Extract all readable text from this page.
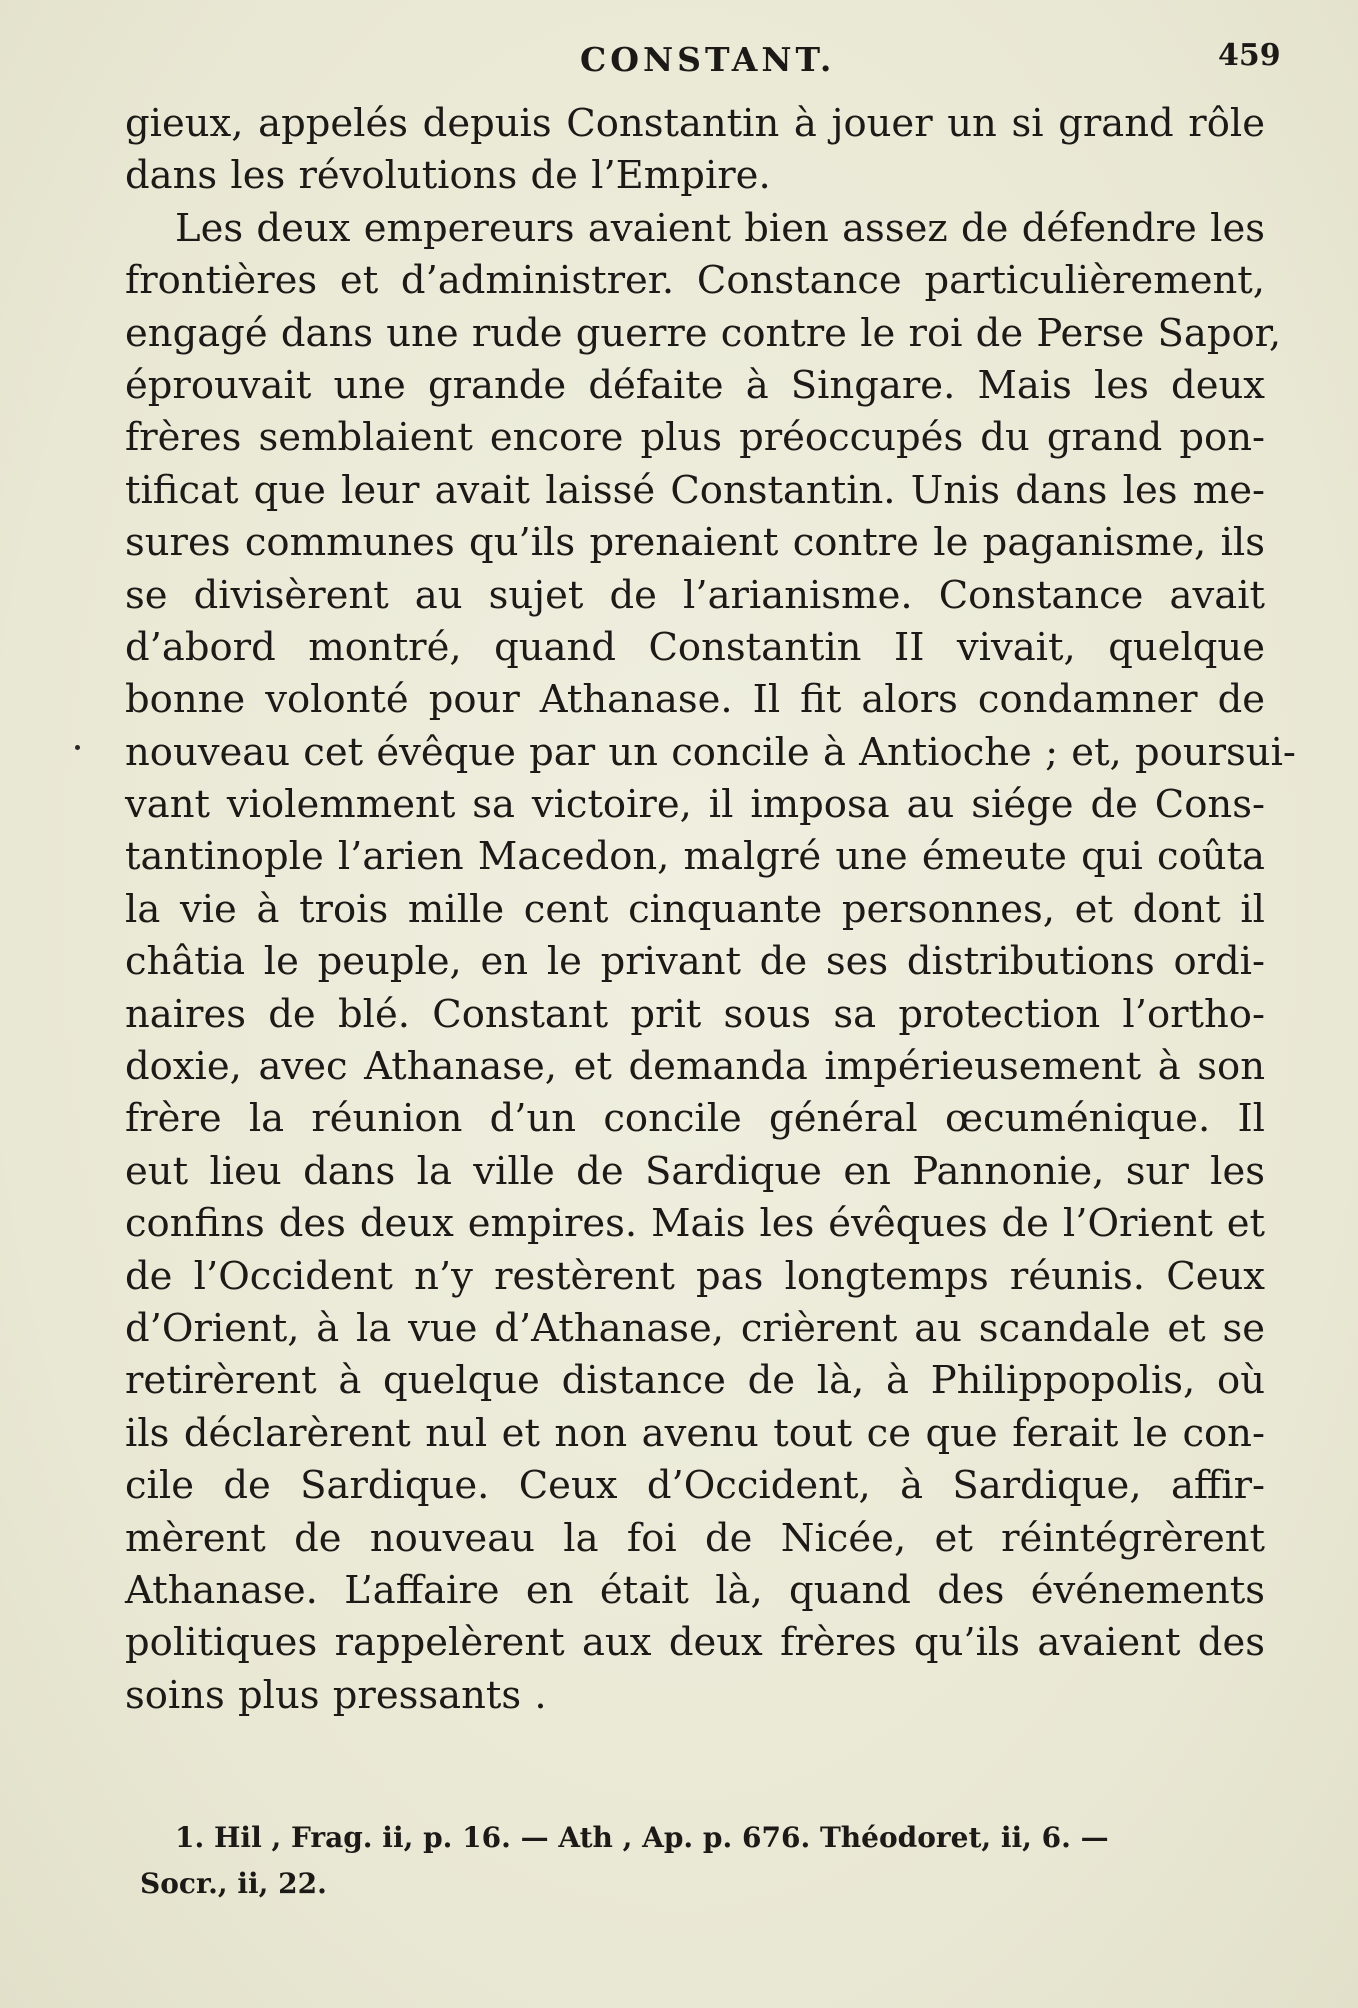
CONSTANT.	459
gieux, appelés depuis Constantin à jouer un si grand rôle
dans les révolutions de l’Empire.
Les deux empereurs avaient bien assez de défendre les
frontières et d’administrer. Constance particulièrement,
engagé dans une rude guerre contre le roi de Perse Sapor,
éprouvait une grande défaite à Singare. Mais les deux
frères semblaient encore plus préoccupés du grand pon-
tificat que leur avait laissé Constantin. Unis dans les me-
sures communes qu’ils prenaient contre le paganisme, ils
se divisèrent au sujet de l’arianisme. Constance avait
d’abord montré, quand Constantin II vivait, quelque
bonne volonté pour Athanase. Il fit alors condamner de
nouveau cet évêque par un concile à Antioche ; et, poursui-
vant violemment sa victoire, il imposa au siége de Cons-
tantinople l’arien Macedon, malgré une émeute qui coûta
la vie à trois mille cent cinquante personnes, et dont il
châtia le peuple, en le privant de ses distributions ordi-
naires de blé. Constant prit sous sa protection l’ortho-
doxie, avec Athanase, et demanda impérieusement à son
frère la réunion d’un concile général œcuménique. Il
eut lieu dans la ville de Sardique en Pannonie, sur les
confins des deux empires. Mais les évêques de l’Orient et
de l’Occident n’y restèrent pas longtemps réunis. Ceux
d’Orient, à la vue d’Athanase, crièrent au scandale et se
retirèrent à quelque distance de là, à Philippopolis, où
ils déclarèrent nul et non avenu tout ce que ferait le con-
cile de Sardique. Ceux d’Occident, à Sardique, affir-
mèrent de nouveau la foi de Nicée, et réintégrèrent
Athanase. L’affaire en était là, quand des événements
politiques rappelèrent aux deux frères qu’ils avaient des
soins plus pressants .
1. Hil , Frag. ii, p. 16. — Ath , Ap. p. 676. Théodoret, ii, 6. —
Socr., ii, 22.
